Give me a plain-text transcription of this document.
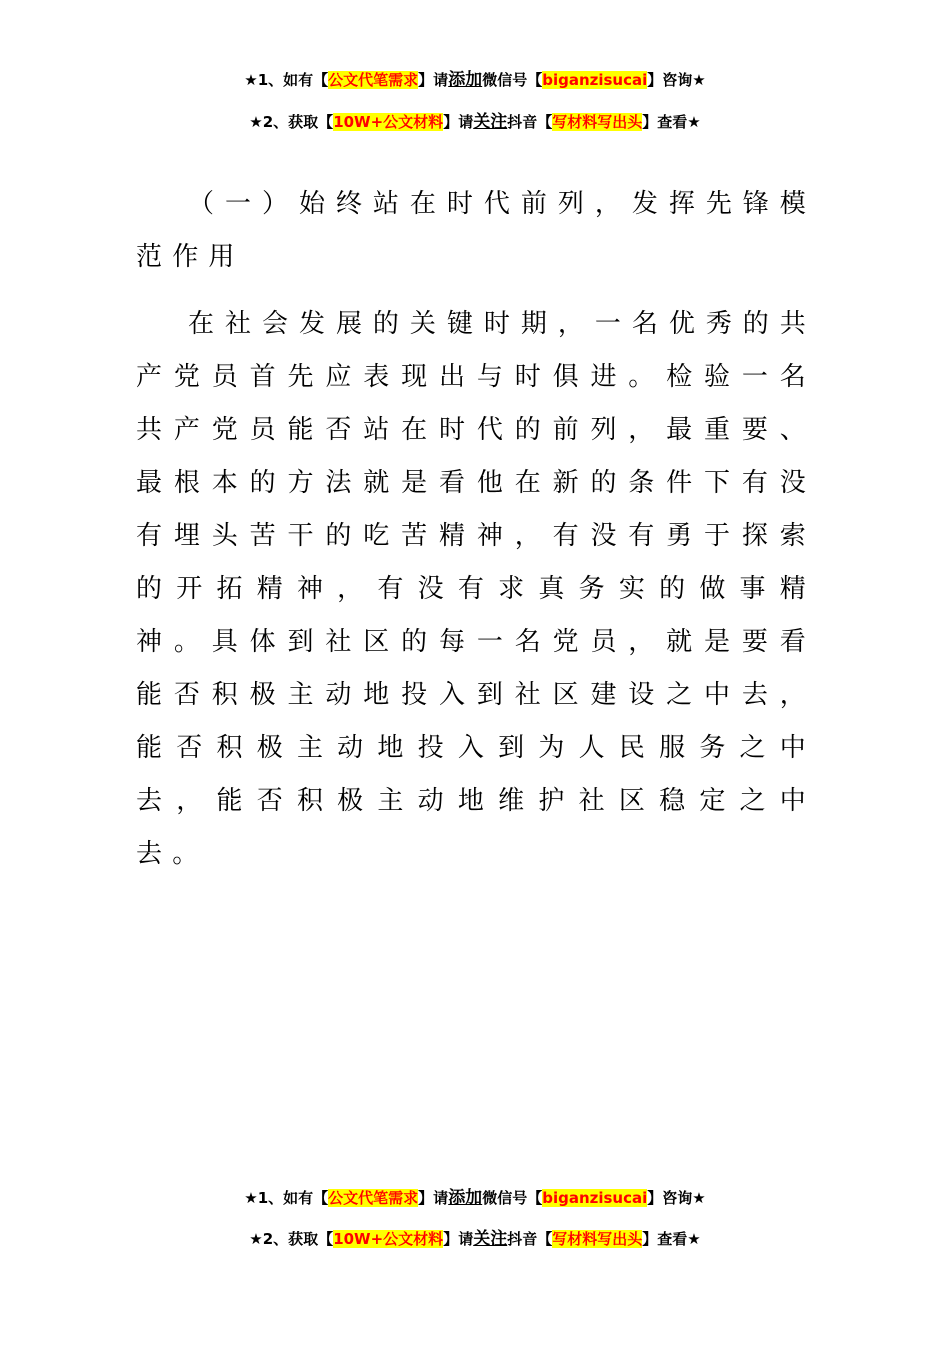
★1、如有【公文代笔需求】请添加微信号【biganzisucai】咨询★
★2、获取【10W+公文材料】请关注抖音【写材料写出头】查看★
（一）始终站在时代前列，发挥先锋模范作用
在社会发展的关键时期，一名优秀的共产党员首先应表现出与时俱进。检验一名共产党员能否站在时代的前列，最重要、最根本的方法就是看他在新的条件下有没有埋头苦干的吃苦精神，有没有勇于探索的开拓精神，有没有求真务实的做事精神。具体到社区的每一名党员，就是要看能否积极主动地投入到社区建设之中去，能否积极主动地投入到为人民服务之中去，能否积极主动地维护社区稳定之中去。
★1、如有【公文代笔需求】请添加微信号【biganzisucai】咨询★
★2、获取【10W+公文材料】请关注抖音【写材料写出头】查看★
